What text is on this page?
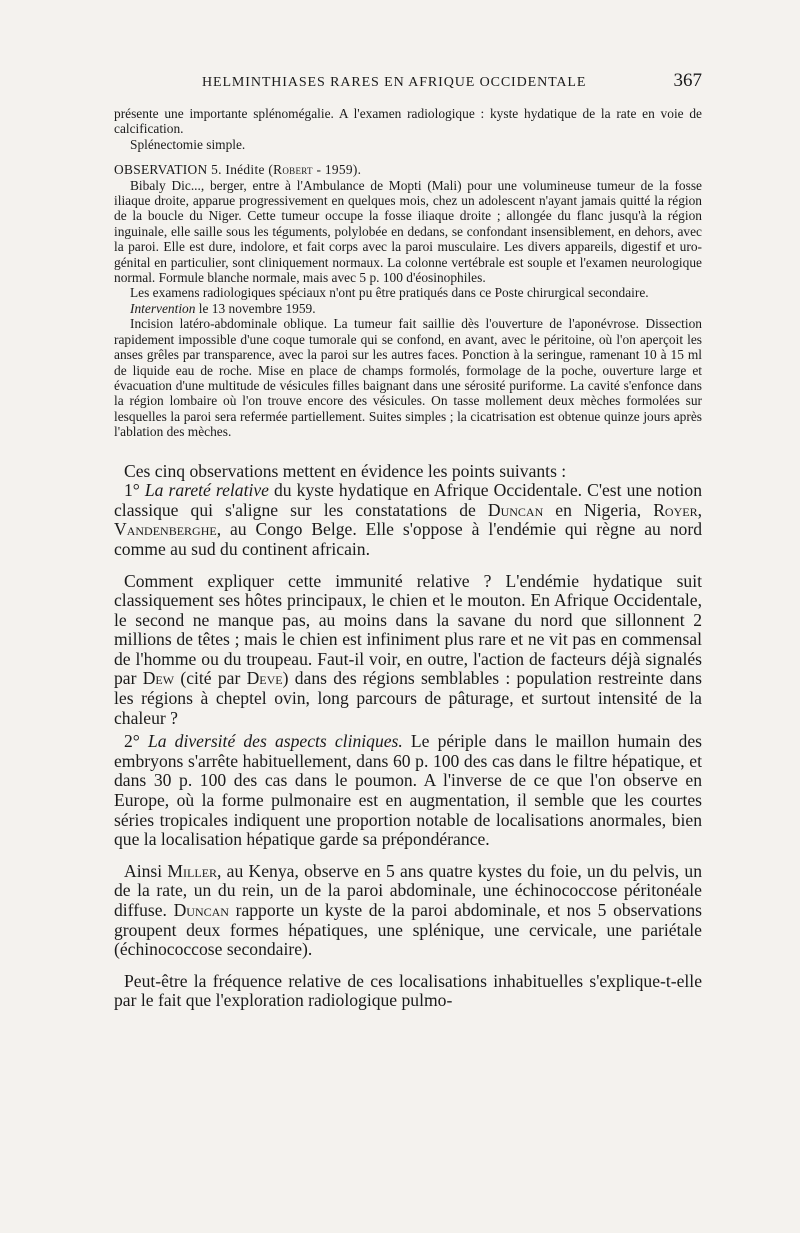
HELMINTHIASES RARES EN AFRIQUE OCCIDENTALE	367

présente une importante splénomégalie. A l'examen radiologique : kyste hydatique de la rate en voie de calcification.

Splénectomie simple.

OBSERVATION 5. Inédite (Robert - 1959).

Bibaly Dic..., berger, entre à l'Ambulance de Mopti (Mali) pour une volumineuse tumeur de la fosse iliaque droite, apparue progressivement en quelques mois, chez un adolescent n'ayant jamais quitté la région de la boucle du Niger. Cette tumeur occupe la fosse iliaque droite ; allongée du flanc jusqu'à la région inguinale, elle saille sous les téguments, polylobée en dedans, se confondant insensiblement, en dehors, avec la paroi. Elle est dure, indolore, et fait corps avec la paroi musculaire. Les divers appareils, digestif et uro-génital en particulier, sont cliniquement normaux. La colonne vertébrale est souple et l'examen neurologique normal. Formule blanche normale, mais avec 5 p. 100 d'éosinophiles.

Les examens radiologiques spéciaux n'ont pu être pratiqués dans ce Poste chirurgical secondaire.

Intervention le 13 novembre 1959.

Incision latéro-abdominale oblique. La tumeur fait saillie dès l'ouverture de l'aponévrose. Dissection rapidement impossible d'une coque tumorale qui se confond, en avant, avec le péritoine, où l'on aperçoit les anses grêles par transparence, avec la paroi sur les autres faces. Ponction à la seringue, ramenant 10 à 15 ml de liquide eau de roche. Mise en place de champs formolés, formolage de la poche, ouverture large et évacuation d'une multitude de vésicules filles baignant dans une sérosité puriforme. La cavité s'enfonce dans la région lombaire où l'on trouve encore des vésicules. On tasse mollement deux mèches formolées sur lesquelles la paroi sera refermée partiellement. Suites simples ; la cicatrisation est obtenue quinze jours après l'ablation des mèches.

Ces cinq observations mettent en évidence les points suivants :

1° La rareté relative du kyste hydatique en Afrique Occidentale. C'est une notion classique qui s'aligne sur les constatations de Duncan en Nigeria, Royer, Vandenberghe, au Congo Belge. Elle s'oppose à l'endémie qui règne au nord comme au sud du continent africain.

Comment expliquer cette immunité relative ? L'endémie hydatique suit classiquement ses hôtes principaux, le chien et le mouton. En Afrique Occidentale, le second ne manque pas, au moins dans la savane du nord que sillonnent 2 millions de têtes ; mais le chien est infiniment plus rare et ne vit pas en commensal de l'homme ou du troupeau. Faut-il voir, en outre, l'action de facteurs déjà signalés par Dew (cité par Deve) dans des régions semblables : population restreinte dans les régions à cheptel ovin, long parcours de pâturage, et surtout intensité de la chaleur ?

2° La diversité des aspects cliniques. Le périple dans le maillon humain des embryons s'arrête habituellement, dans 60 p. 100 des cas dans le filtre hépatique, et dans 30 p. 100 des cas dans le poumon. A l'inverse de ce que l'on observe en Europe, où la forme pulmonaire est en augmentation, il semble que les courtes séries tropicales indiquent une proportion notable de localisations anormales, bien que la localisation hépatique garde sa prépondérance.

Ainsi Miller, au Kenya, observe en 5 ans quatre kystes du foie, un du pelvis, un de la rate, un du rein, un de la paroi abdominale, une échinococcose péritonéale diffuse. Duncan rapporte un kyste de la paroi abdominale, et nos 5 observations groupent deux formes hépatiques, une splénique, une cervicale, une pariétale (échinococcose secondaire).

Peut-être la fréquence relative de ces localisations inhabituelles s'explique-t-elle par le fait que l'exploration radiologique pulmo-
